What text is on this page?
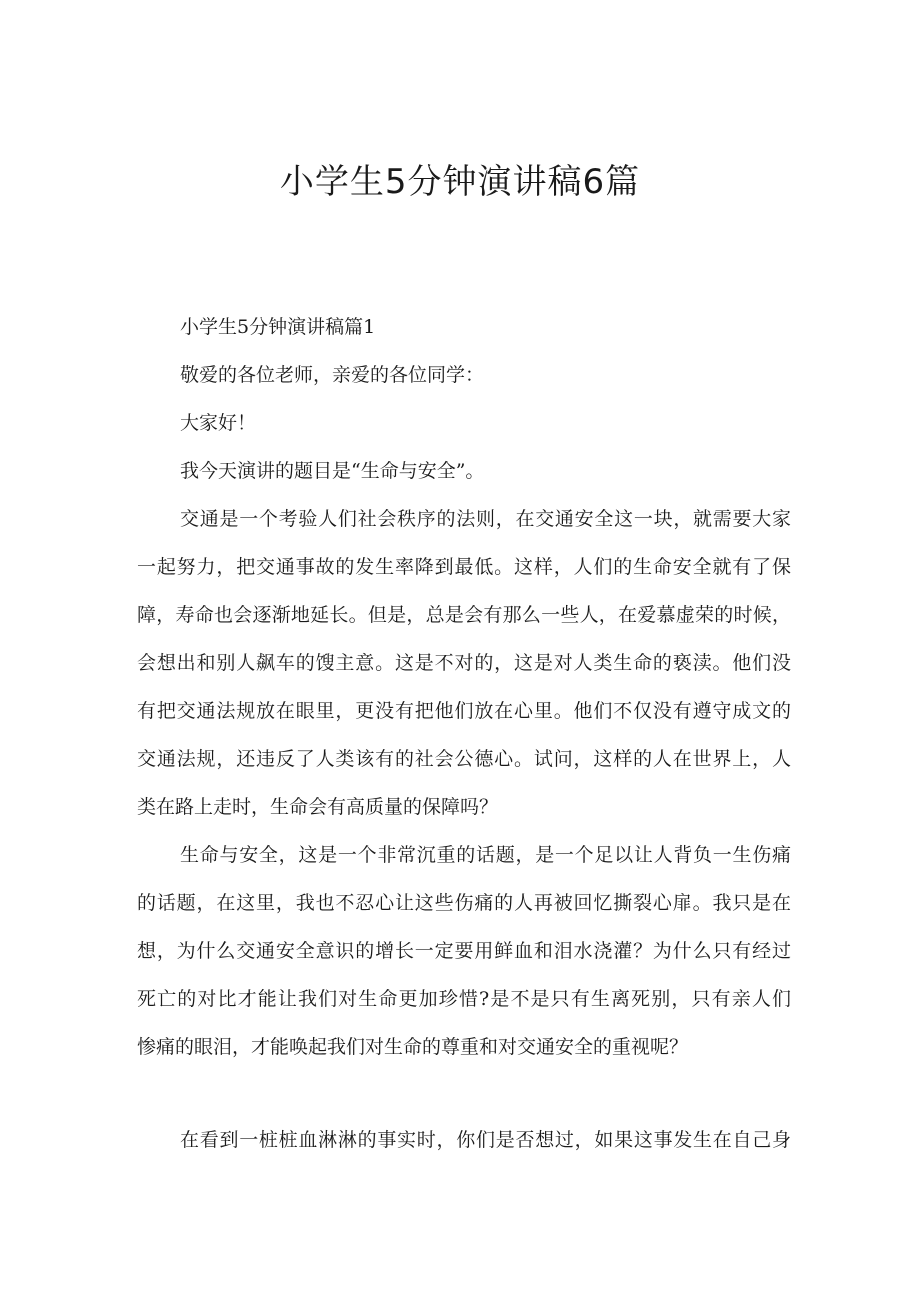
小学生5分钟演讲稿6篇

小学生5分钟演讲稿篇1

敬爱的各位老师，亲爱的各位同学：

大家好！

我今天演讲的题目是“生命与安全”。

交通是一个考验人们社会秩序的法则，在交通安全这一块，就需要大家

一起努力，把交通事故的发生率降到最低。这样，人们的生命安全就有了保

障，寿命也会逐渐地延长。但是，总是会有那么一些人，在爱慕虚荣的时候，

会想出和别人飙车的馊主意。这是不对的，这是对人类生命的亵渎。他们没

有把交通法规放在眼里，更没有把他们放在心里。他们不仅没有遵守成文的

交通法规，还违反了人类该有的社会公德心。试问，这样的人在世界上，人

类在路上走时，生命会有高质量的保障吗？

生命与安全，这是一个非常沉重的话题，是一个足以让人背负一生伤痛

的话题，在这里，我也不忍心让这些伤痛的人再被回忆撕裂心扉。我只是在

想，为什么交通安全意识的增长一定要用鲜血和泪水浇灌？为什么只有经过

死亡的对比才能让我们对生命更加珍惜?是不是只有生离死别，只有亲人们

惨痛的眼泪，才能唤起我们对生命的尊重和对交通安全的重视呢？

在看到一桩桩血淋淋的事实时，你们是否想过，如果这事发生在自己身
